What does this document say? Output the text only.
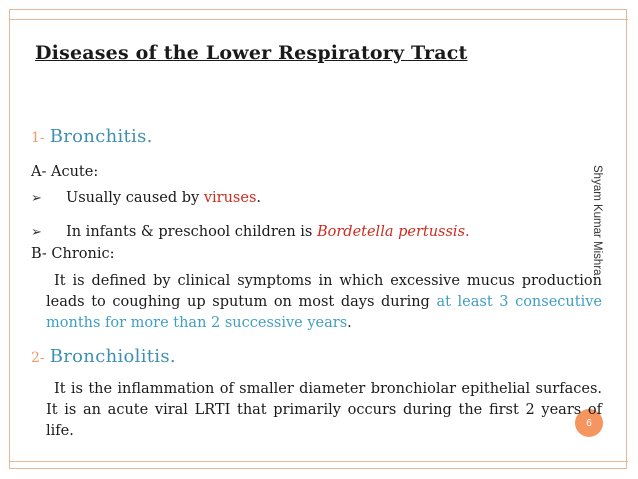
Diseases of the Lower Respiratory Tract
1- Bronchitis.
A- Acute:
➢ Usually caused by viruses.
➢ In infants & preschool children is Bordetella pertussis.
B- Chronic:
It is defined by clinical symptoms in which excessive mucus production leads to coughing up sputum on most days during at least 3 consecutive months for more than 2 successive years.
2- Bronchiolitis.
It is the inflammation of smaller diameter bronchiolar epithelial surfaces. It is an acute viral LRTI that primarily occurs during the first 2 years of life.
Shyam Kumar Mishra
6
